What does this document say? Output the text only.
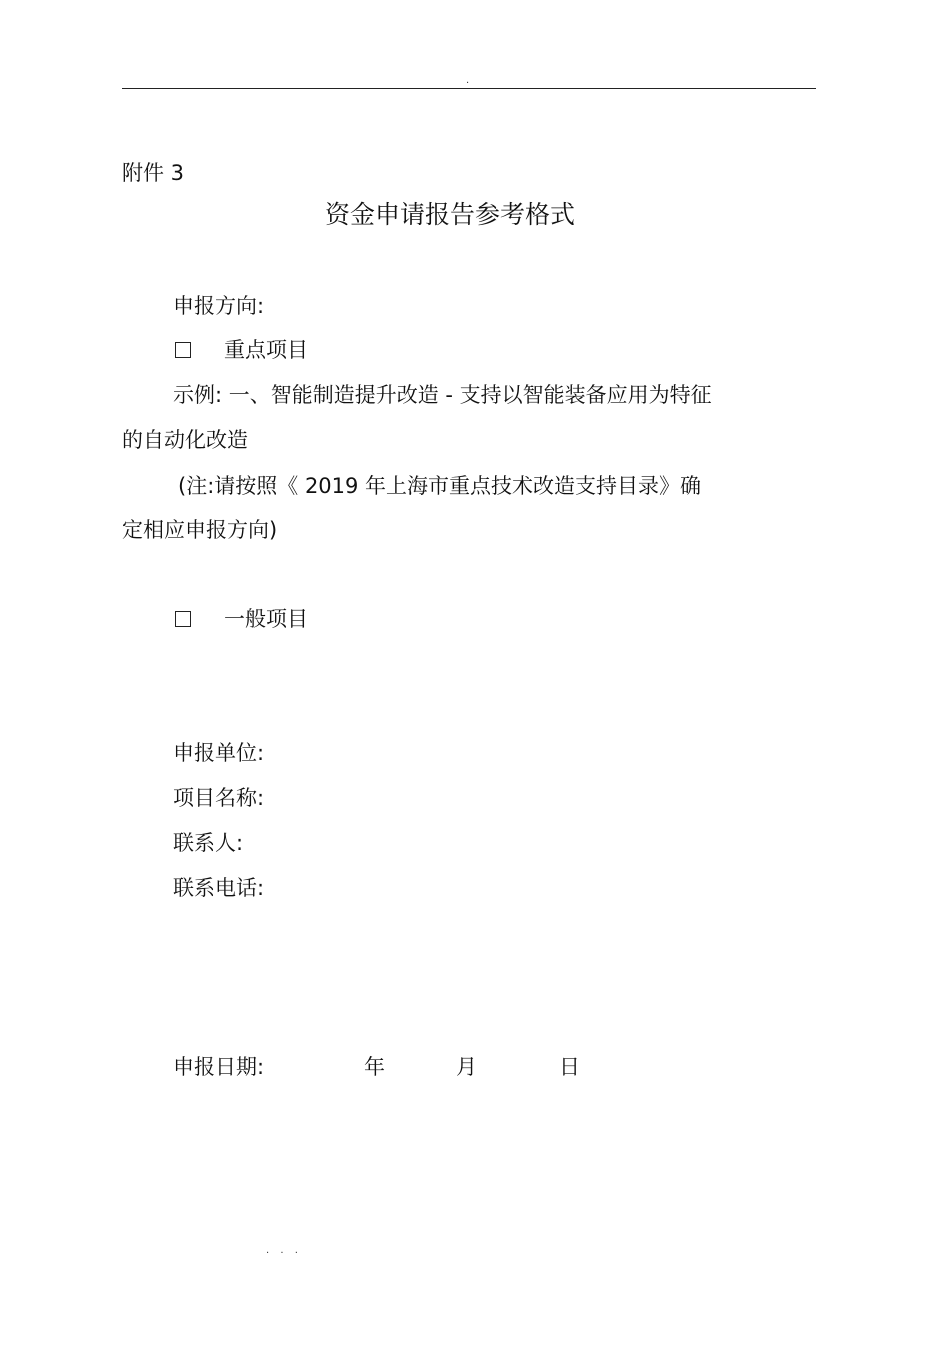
.
附件 3
资金申请报告参考格式
申报方向:
重点项目
示例: 一、智能制造提升改造 - 支持以智能装备应用为特征
的自动化改造
(注:请按照《 2019 年上海市重点技术改造支持目录》确
定相应申报方向)
一般项目
申报单位:
项目名称:
联系人:
联系电话:
申报日期:	年	月	日
. . .
